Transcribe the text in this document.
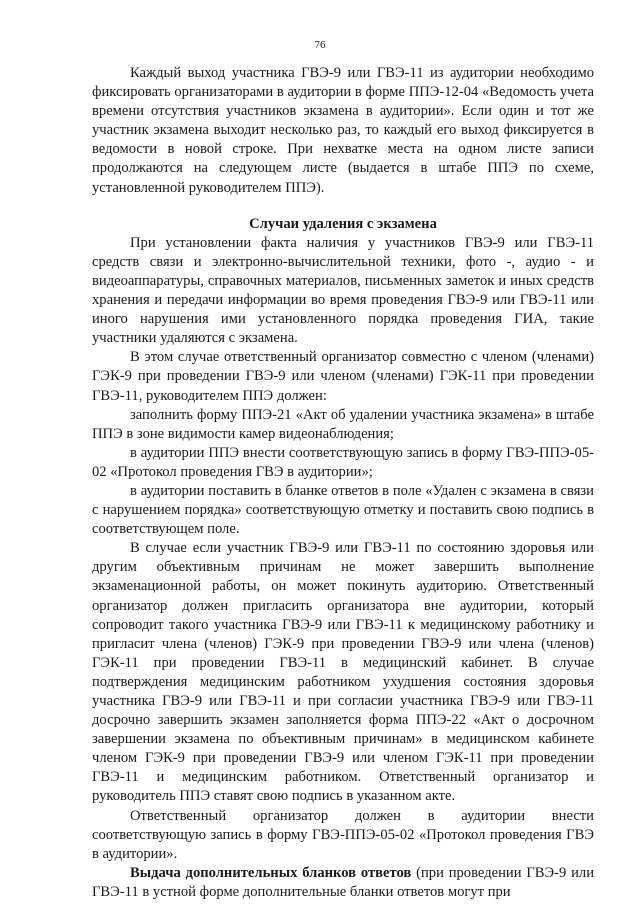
76

Каждый выход участника ГВЭ-9 или ГВЭ-11 из аудитории необходимо фиксировать организаторами в аудитории в форме ППЭ-12-04 «Ведомость учета времени отсутствия участников экзамена в аудитории». Если один и тот же участник экзамена выходит несколько раз, то каждый его выход фиксируется в ведомости в новой строке. При нехватке места на одном листе записи продолжаются на следующем листе (выдается в штабе ППЭ по схеме, установленной руководителем ППЭ).

Случаи удаления с экзамена

При установлении факта наличия у участников ГВЭ-9 или ГВЭ-11 средств связи и электронно-вычислительной техники, фото -, аудио - и видеоаппаратуры, справочных материалов, письменных заметок и иных средств хранения и передачи информации во время проведения ГВЭ-9 или ГВЭ-11 или иного нарушения ими установленного порядка проведения ГИА, такие участники удаляются с экзамена.

В этом случае ответственный организатор совместно с членом (членами) ГЭК-9 при проведении ГВЭ-9 или членом (членами) ГЭК-11 при проведении ГВЭ-11, руководителем ППЭ должен:

заполнить форму ППЭ-21 «Акт об удалении участника экзамена» в штабе ППЭ в зоне видимости камер видеонаблюдения;

в аудитории ППЭ внести соответствующую запись в форму ГВЭ-ППЭ-05-02 «Протокол проведения ГВЭ в аудитории»;

в аудитории поставить в бланке ответов в поле «Удален с экзамена в связи с нарушением порядка» соответствующую отметку и поставить свою подпись в соответствующем поле.

В случае если участник ГВЭ-9 или ГВЭ-11 по состоянию здоровья или другим объективным причинам не может завершить выполнение экзаменационной работы, он может покинуть аудиторию. Ответственный организатор должен пригласить организатора вне аудитории, который сопроводит такого участника ГВЭ-9 или ГВЭ-11 к медицинскому работнику и пригласит члена (членов) ГЭК-9 при проведении ГВЭ-9 или члена (членов) ГЭК-11 при проведении ГВЭ-11 в медицинский кабинет. В случае подтверждения медицинским работником ухудшения состояния здоровья участника ГВЭ-9 или ГВЭ-11 и при согласии участника ГВЭ-9 или ГВЭ-11 досрочно завершить экзамен заполняется форма ППЭ-22 «Акт о досрочном завершении экзамена по объективным причинам» в медицинском кабинете членом ГЭК-9 при проведении ГВЭ-9 или членом ГЭК-11 при проведении ГВЭ-11 и медицинским работником. Ответственный организатор и руководитель ППЭ ставят свою подпись в указанном акте.

Ответственный организатор должен в аудитории внести соответствующую запись в форму ГВЭ-ППЭ-05-02 «Протокол проведения ГВЭ в аудитории».

Выдача дополнительных бланков ответов (при проведении ГВЭ-9 или ГВЭ-11 в устной форме дополнительные бланки ответов могут при
